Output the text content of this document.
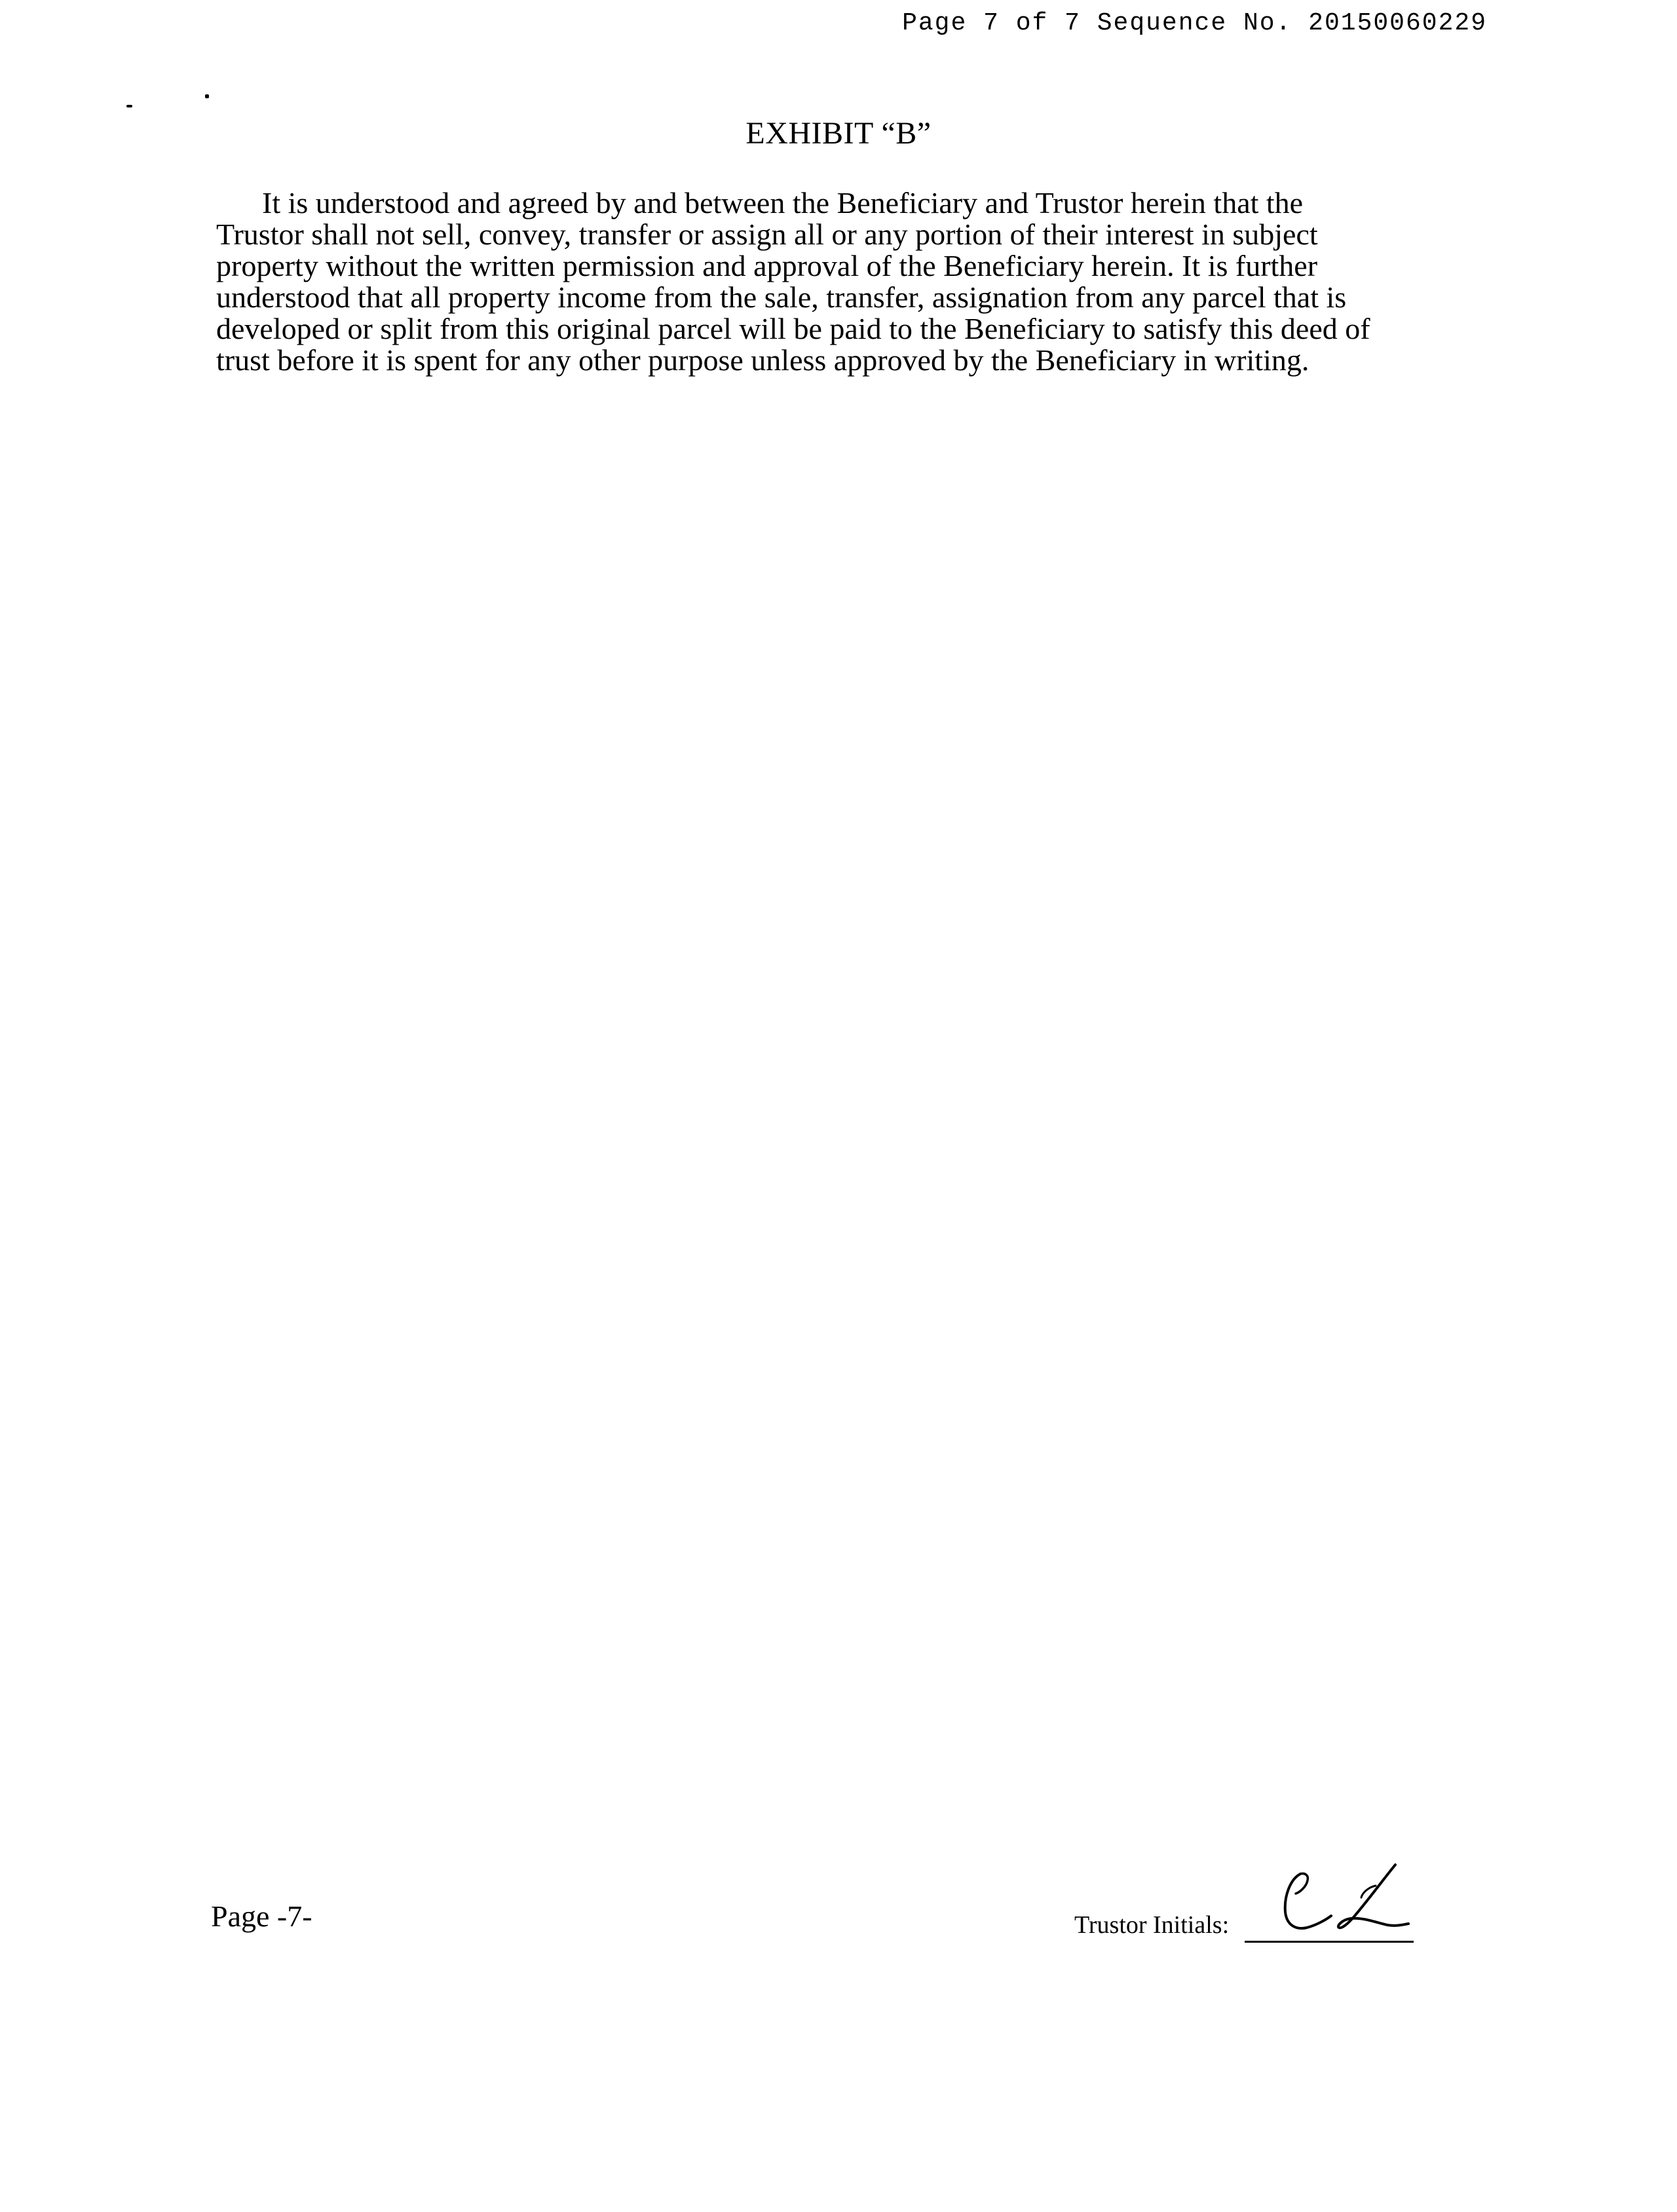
Page 7 of 7 Sequence No. 20150060229
EXHIBIT “B”
It is understood and agreed by and between the Beneficiary and Trustor herein that the
Trustor shall not sell, convey, transfer or assign all or any portion of their interest in subject
property without the written permission and approval of the Beneficiary herein. It is further
understood that all property income from the sale, transfer, assignation from any parcel that is
developed or split from this original parcel will be paid to the Beneficiary to satisfy this deed of
trust before it is spent for any other purpose unless approved by the Beneficiary in writing.
Page -7-	Trustor Initials:
